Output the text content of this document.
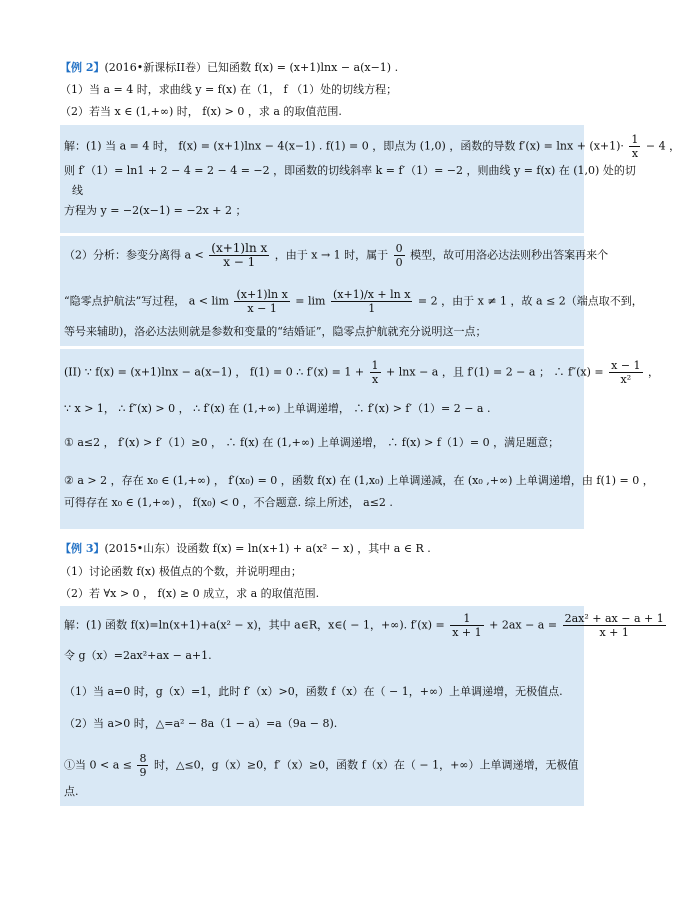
【例 2】(2016•新课标II卷）已知函数 f(x) = (x+1)lnx − a(x−1) .
（1）当 a = 4 时，求曲线 y = f(x) 在（1， f （1）处的切线方程；
（2）若当 x ∈ (1,+∞) 时， f(x) > 0 ，求 a 的取值范围.
解：(1) 当 a = 4 时， f(x) = (x+1)lnx − 4(x−1) . f(1) = 0 ，即点为 (1,0) ，函数的导数 $f'(x) = \ln x + (x+1)\cdot \frac{1}{x} - 4$ ，
则 f′（1）= ln1 + 2 − 4 = 2 − 4 = −2 ，即函数的切线斜率 k = f′（1）= −2 ，则曲线 y = f(x) 在 (1,0) 处的切
线
方程为 y = −2(x−1) = −2x + 2 ；
（2）分析：参变分离得 $a < \frac{\text{(x+1)ln x}}{x - 1}$ ，由于 x → 1 时，属于 $\frac{0}{0}$ 模型，故可用洛必达法则秒出答案再来个
“隐零点护航法”写过程， $a < \lim \frac{\text{(x+1)ln x}}{x - 1} = \lim \frac{\text{(x+1)/x + ln x}}{1} = 2$ ，由于 x ≠ 1 ，故 a ≤ 2（端点取不到，
等号来辅助)，洛必达法则就是参数和变量的“结婚证”，隐零点护航就充分说明这一点；
(II) ∵ f(x) = (x+1)lnx − a(x−1) ， f(1) = 0 ∴ $f'(x) = 1 + \frac{1}{x} + \ln x - a$ ，且 f′(1) = 2 − a ； ∴ $f''(x) = \frac{x - 1}{\text{x²}}$ ，
∵ x > 1， ∴ f″(x) > 0 ， ∴ f′(x) 在 (1,+∞) 上单调递增， ∴ f′(x) > f′（1）= 2 − a .
① a≤2 ， f′(x) > f′（1）≥0 ， ∴ f(x) 在 (1,+∞) 上单调递增， ∴ f(x) > f（1）= 0 ，满足题意；
② a > 2 ，存在 x₀ ∈ (1,+∞) ， f′(x₀) = 0 ，函数 f(x) 在 (1,x₀) 上单调递减，在 (x₀ ,+∞) 上单调递增，由 f(1) = 0 ，
可得存在 x₀ ∈ (1,+∞) ， f(x₀) < 0 ，不合题意. 综上所述， a≤2 .
【例 3】(2015•山东）设函数 f(x) = ln(x+1) + a(x² − x) ，其中 a ∈ R .
（1）讨论函数 f(x) 极值点的个数，并说明理由；
（2）若 ∀x > 0 ， f(x) ≥ 0 成立，求 a 的取值范围.
解：(1) 函数 f(x)=ln(x+1)+a(x² − x)，其中 a∈R，x∈( − 1，+∞). $f'(x) = \frac{1}{x + 1} + 2ax - a = \frac{\text{2ax² + ax − a + 1}}{x + 1}$
令 g（x）=2ax²+ax − a+1.
（1）当 a=0 时，g（x）=1，此时 f′（x）>0，函数 f（x）在（ − 1，+∞）上单调递增，无极值点.
（2）当 a>0 时，△=a² − 8a（1 − a）=a（9a − 8).
①当 $0 < a \le \frac{8}{9}$ 时，△≤0，g（x）≥0，f′（x）≥0，函数 f（x）在（ − 1，+∞）上单调递增，无极值
点.
